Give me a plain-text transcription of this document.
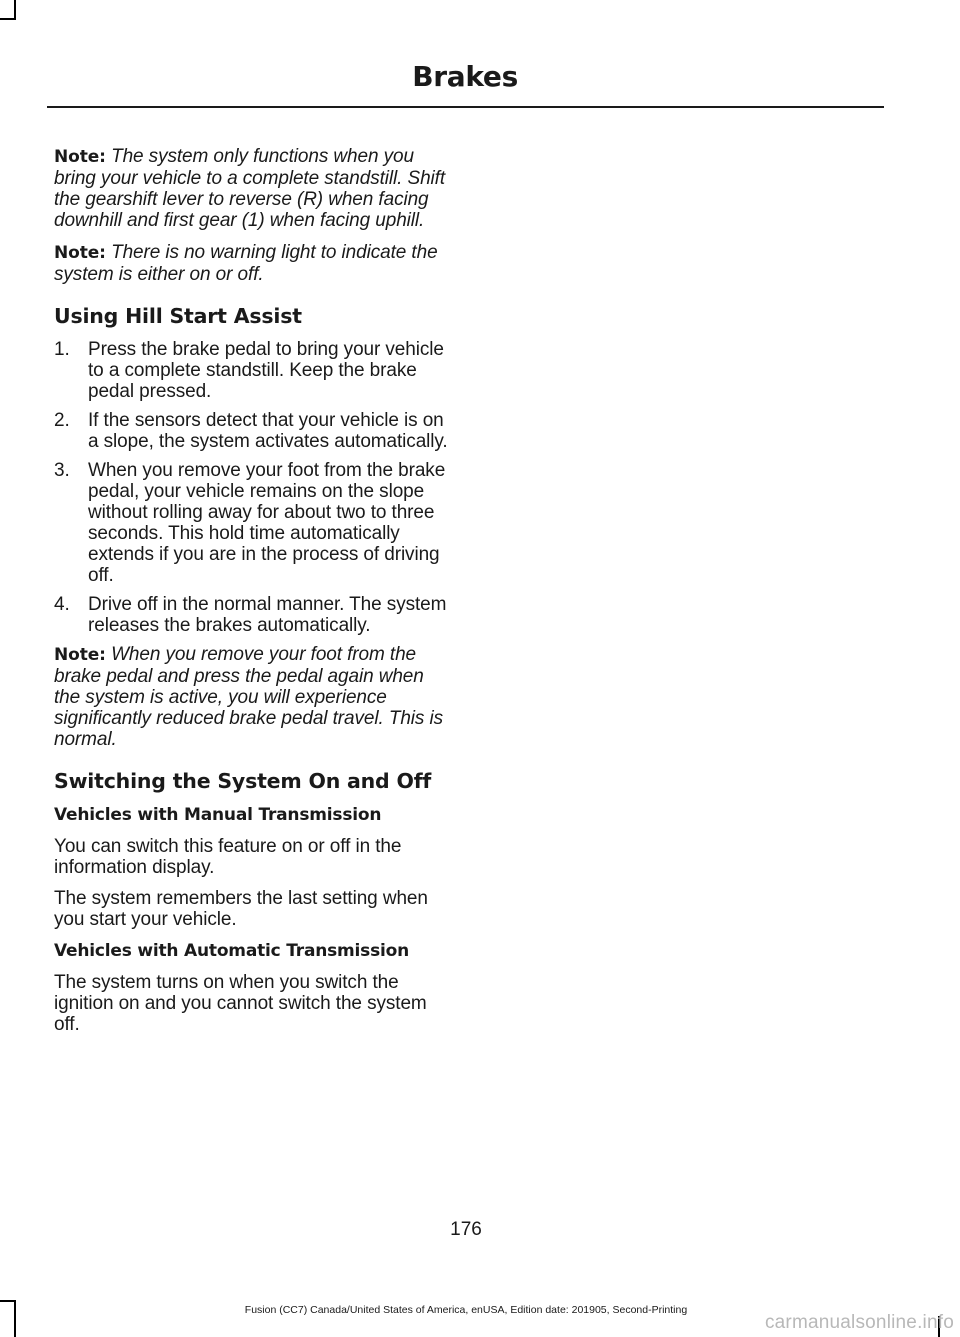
Brakes

Note: The system only functions when you bring your vehicle to a complete standstill. Shift the gearshift lever to reverse (R) when facing downhill and first gear (1) when facing uphill.

Note: There is no warning light to indicate the system is either on or off.

Using Hill Start Assist
1. Press the brake pedal to bring your vehicle to a complete standstill. Keep the brake pedal pressed.
2. If the sensors detect that your vehicle is on a slope, the system activates automatically.
3. When you remove your foot from the brake pedal, your vehicle remains on the slope without rolling away for about two to three seconds. This hold time automatically extends if you are in the process of driving off.
4. Drive off in the normal manner. The system releases the brakes automatically.

Note: When you remove your foot from the brake pedal and press the pedal again when the system is active, you will experience significantly reduced brake pedal travel. This is normal.

Switching the System On and Off
Vehicles with Manual Transmission

You can switch this feature on or off in the information display.

The system remembers the last setting when you start your vehicle.

Vehicles with Automatic Transmission

The system turns on when you switch the ignition on and you cannot switch the system off.

176
Fusion (CC7) Canada/United States of America, enUSA, Edition date: 201905, Second-Printing
carmanualsonline.info
